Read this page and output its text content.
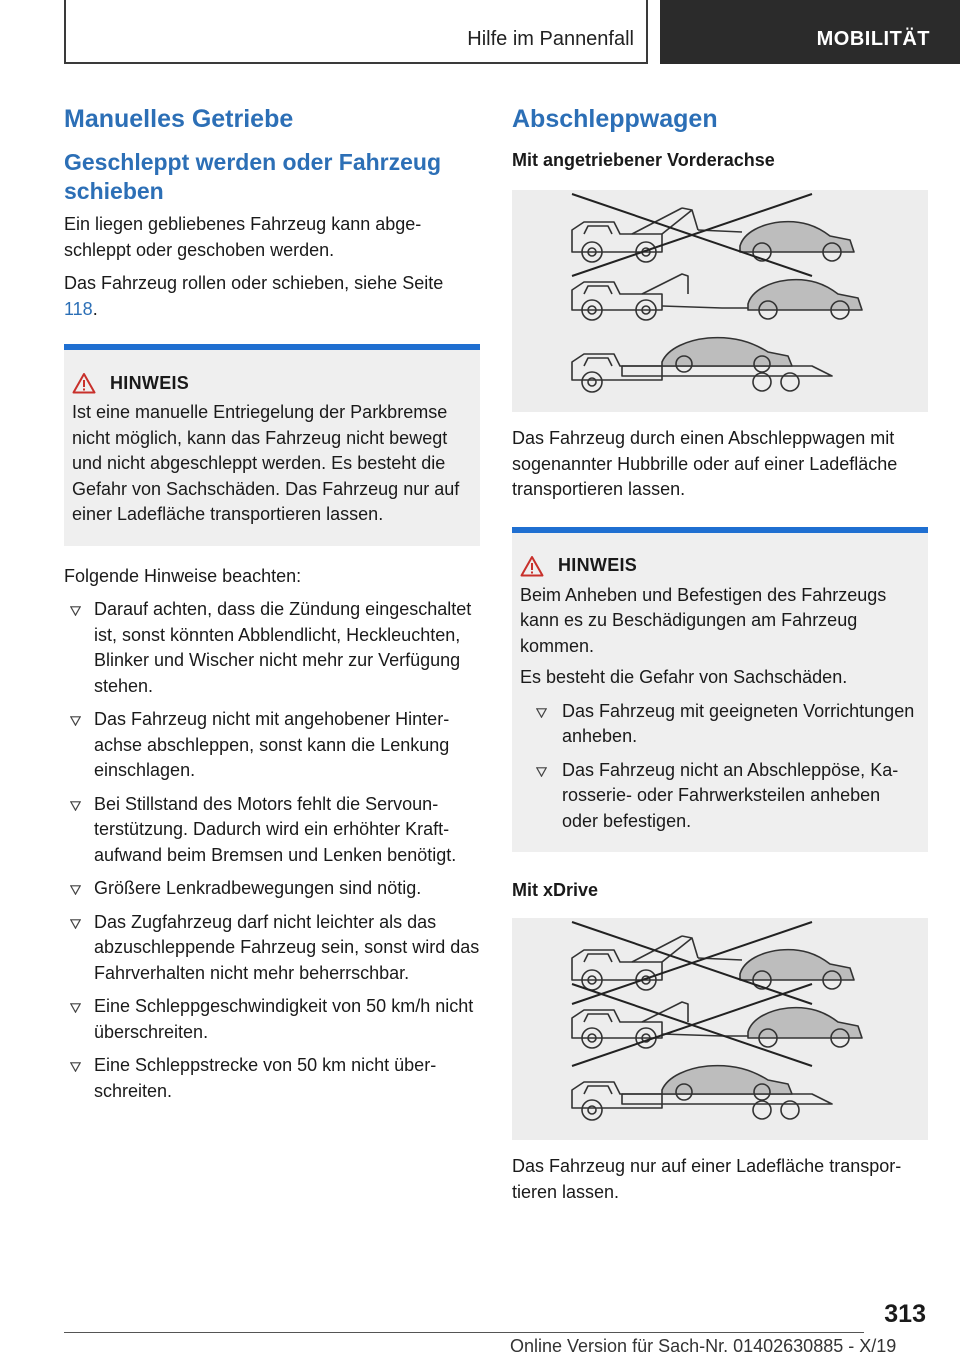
Hilfe im Pannenfall	MOBILITÄT
Manuelles Getriebe
Geschleppt werden oder Fahrzeug schieben

Ein liegen gebliebenes Fahrzeug kann abgeschleppt oder geschoben werden.

Das Fahrzeug rollen oder schieben, siehe Seite 118.

HINWEIS

Ist eine manuelle Entriegelung der Parkbremse nicht möglich, kann das Fahrzeug nicht bewegt und nicht abgeschleppt werden. Es besteht die Gefahr von Sachschäden. Das Fahrzeug nur auf einer Ladefläche transportieren lassen.

Folgende Hinweise beachten:

Darauf achten, dass die Zündung eingeschaltet ist, sonst könnten Abblendlicht, Heckleuchten, Blinker und Wischer nicht mehr zur Verfügung stehen.
Das Fahrzeug nicht mit angehobener Hinterachse abschleppen, sonst kann die Lenkung einschlagen.
Bei Stillstand des Motors fehlt die Servounterstützung. Dadurch wird ein erhöhter Kraftaufwand beim Bremsen und Lenken benötigt.
Größere Lenkradbewegungen sind nötig.
Das Zugfahrzeug darf nicht leichter als das abzuschleppende Fahrzeug sein, sonst wird das Fahrverhalten nicht mehr beherrschbar.
Eine Schleppgeschwindigkeit von 50 km/h nicht überschreiten.
Eine Schleppstrecke von 50 km nicht überschreiten.
Abschleppwagen
Mit angetriebener Vorderachse

Das Fahrzeug durch einen Abschleppwagen mit sogenannter Hubbrille oder auf einer Ladefläche transportieren lassen.

HINWEIS

Beim Anheben und Befestigen des Fahrzeugs kann es zu Beschädigungen am Fahrzeug kommen.

Es besteht die Gefahr von Sachschäden.

Das Fahrzeug mit geeigneten Vorrichtungen anheben.
Das Fahrzeug nicht an Abschleppöse, Karosserie- oder Fahrwerksteilen anheben oder befestigen.
Mit xDrive

Das Fahrzeug nur auf einer Ladefläche transportieren lassen.

313
Online Version für Sach-Nr. 01402630885 - X/19
